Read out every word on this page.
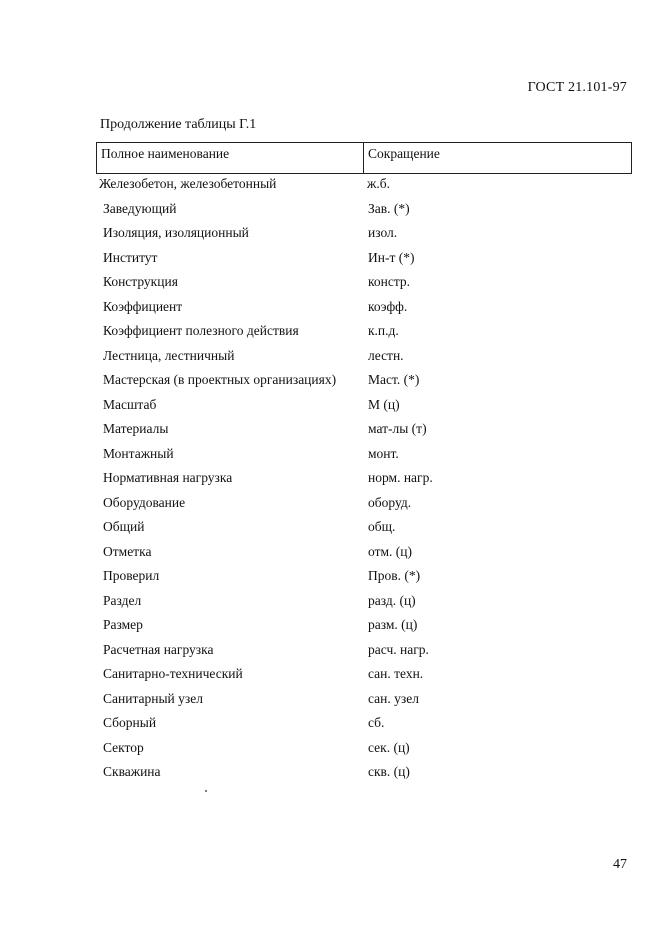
ГОСТ 21.101-97
Продолжение таблицы Г.1
Полное наименование	Сокращение
Железобетон, железобетонный	ж.б.
Заведующий	Зав. (*)
Изоляция, изоляционный	изол.
Институт	Ин-т (*)
Конструкция	констр.
Коэффициент	коэфф.
Коэффициент полезного действия	к.п.д.
Лестница, лестничный	лестн.
Мастерская (в проектных организациях) Маст. (*)
Масштаб	М (ц)
Материалы	мат-лы (т)
Монтажный	монт.
Нормативная нагрузка	норм. нагр.
Оборудование	оборуд.
Общий	общ.
Отметка	отм. (ц)
Проверил	Пров. (*)
Раздел	разд. (ц)
Размер	разм. (ц)
Расчетная нагрузка	расч. нагр.
Санитарно-технический	сан. техн.
Санитарный узел	сан. узел
Сборный	сб.
Сектор	сек. (ц)
Скважина	скв. (ц)
47
